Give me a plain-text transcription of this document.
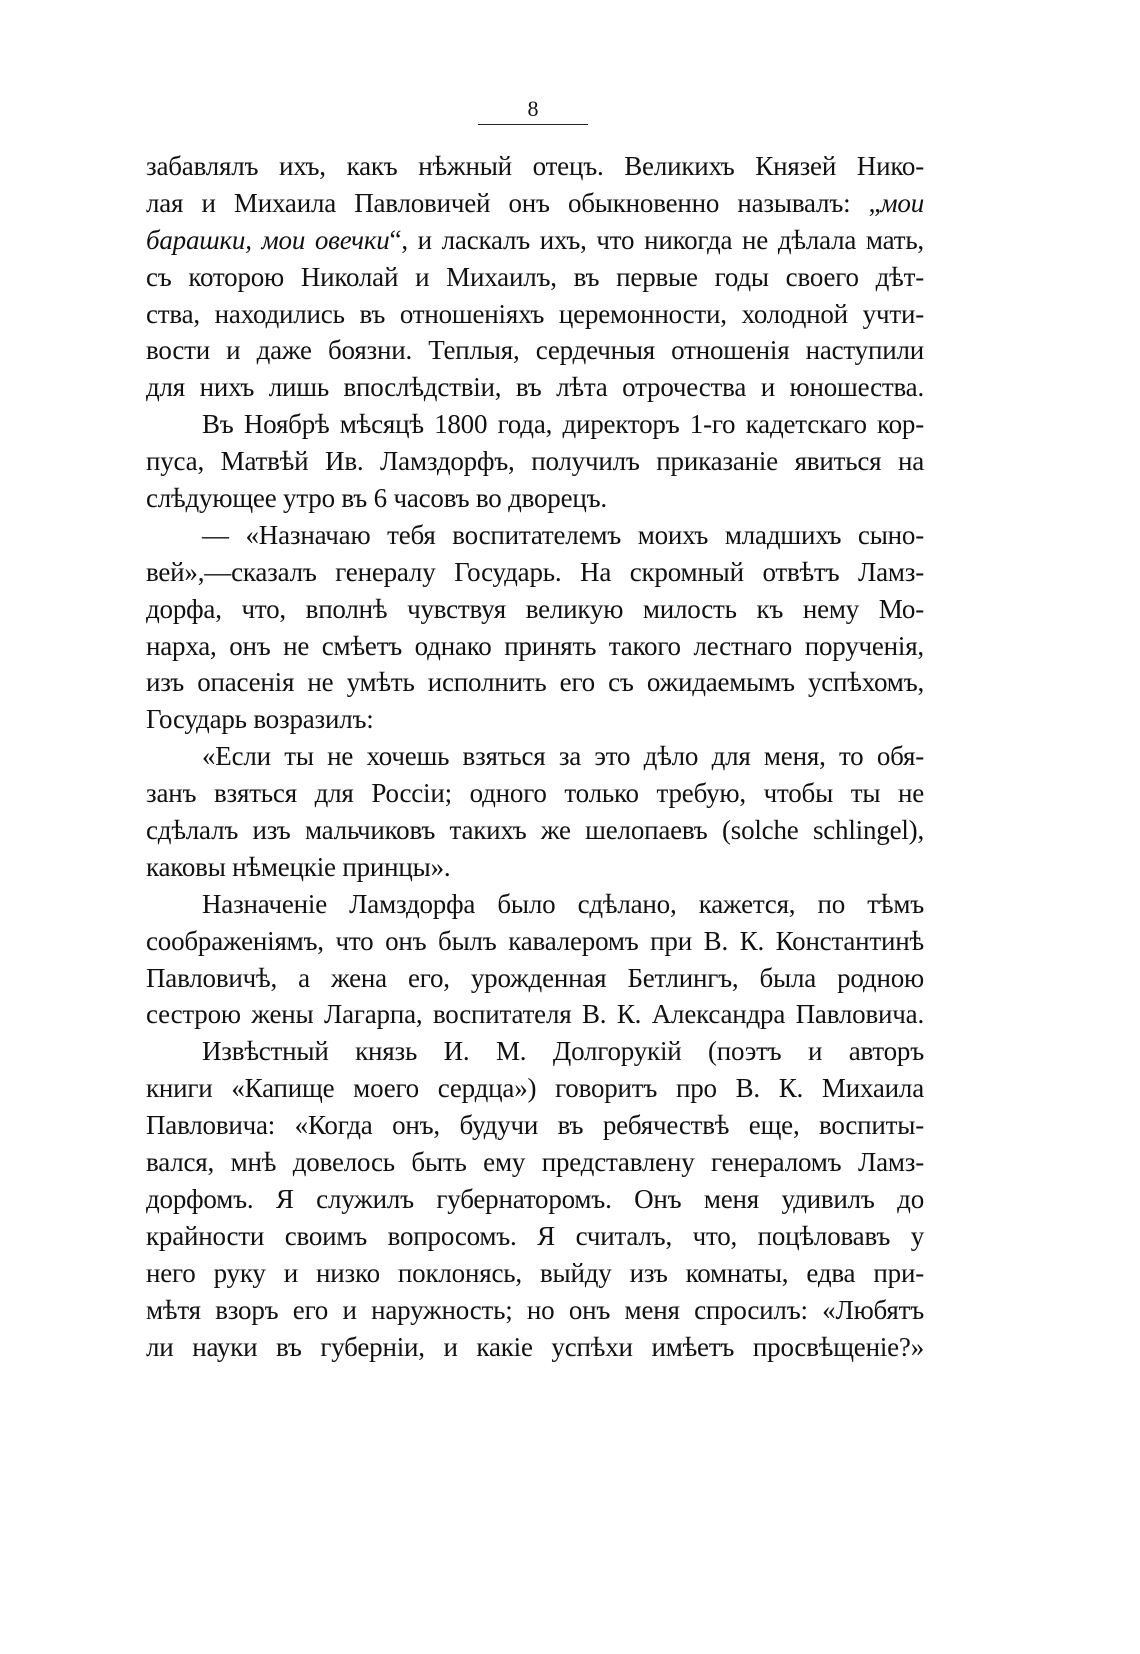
8
забавлялъ ихъ, какъ нѣжный отецъ. Великихъ Князей Нико-
лая и Михаила Павловичей онъ обыкновенно называлъ: „мои
барашки, мои овечки“, и ласкалъ ихъ, что никогда не дѣлала мать,
съ которою Николай и Михаилъ, въ первые годы своего дѣт-
ства, находились въ отношеніяхъ церемонности, холодной учти-
вости и даже боязни. Теплыя, сердечныя отношенія наступили
для нихъ лишь впослѣдствіи, въ лѣта отрочества и юношества.
Въ Ноябрѣ мѣсяцѣ 1800 года, директоръ 1-го кадетскаго кор-
пуса, Матвѣй Ив. Ламздорфъ, получилъ приказаніе явиться на
слѣдующее утро въ 6 часовъ во дворецъ.
— «Назначаю тебя воспитателемъ моихъ младшихъ сыно-
вей»,—сказалъ генералу Государь. На скромный отвѣтъ Ламз-
дорфа, что, вполнѣ чувствуя великую милость къ нему Мо-
нарха, онъ не смѣетъ однако принять такого лестнаго порученія,
изъ опасенія не умѣть исполнить его съ ожидаемымъ успѣхомъ,
Государь возразилъ:
«Если ты не хочешь взяться за это дѣло для меня, то обя-
занъ взяться для Россіи; одного только требую, чтобы ты не
сдѣлалъ изъ мальчиковъ такихъ же шелопаевъ (solche schlingel),
каковы нѣмецкіе принцы».
Назначеніе Ламздорфа было сдѣлано, кажется, по тѣмъ
соображеніямъ, что онъ былъ кавалеромъ при В. К. Константинѣ
Павловичѣ, а жена его, урожденная Бетлингъ, была родною
сестрою жены Лагарпа, воспитателя В. К. Александра Павловича.
Извѣстный князь И. М. Долгорукій (поэтъ и авторъ
книги «Капище моего сердца») говоритъ про В. К. Михаила
Павловича: «Когда онъ, будучи въ ребячествѣ еще, воспиты-
вался, мнѣ довелось быть ему представлену генераломъ Ламз-
дорфомъ. Я служилъ губернаторомъ. Онъ меня удивилъ до
крайности своимъ вопросомъ. Я считалъ, что, поцѣловавъ у
него руку и низко поклонясь, выйду изъ комнаты, едва при-
мѣтя взоръ его и наружность; но онъ меня спросилъ: «Любятъ
ли науки въ губерніи, и какіе успѣхи имѣетъ просвѣщеніе?»
